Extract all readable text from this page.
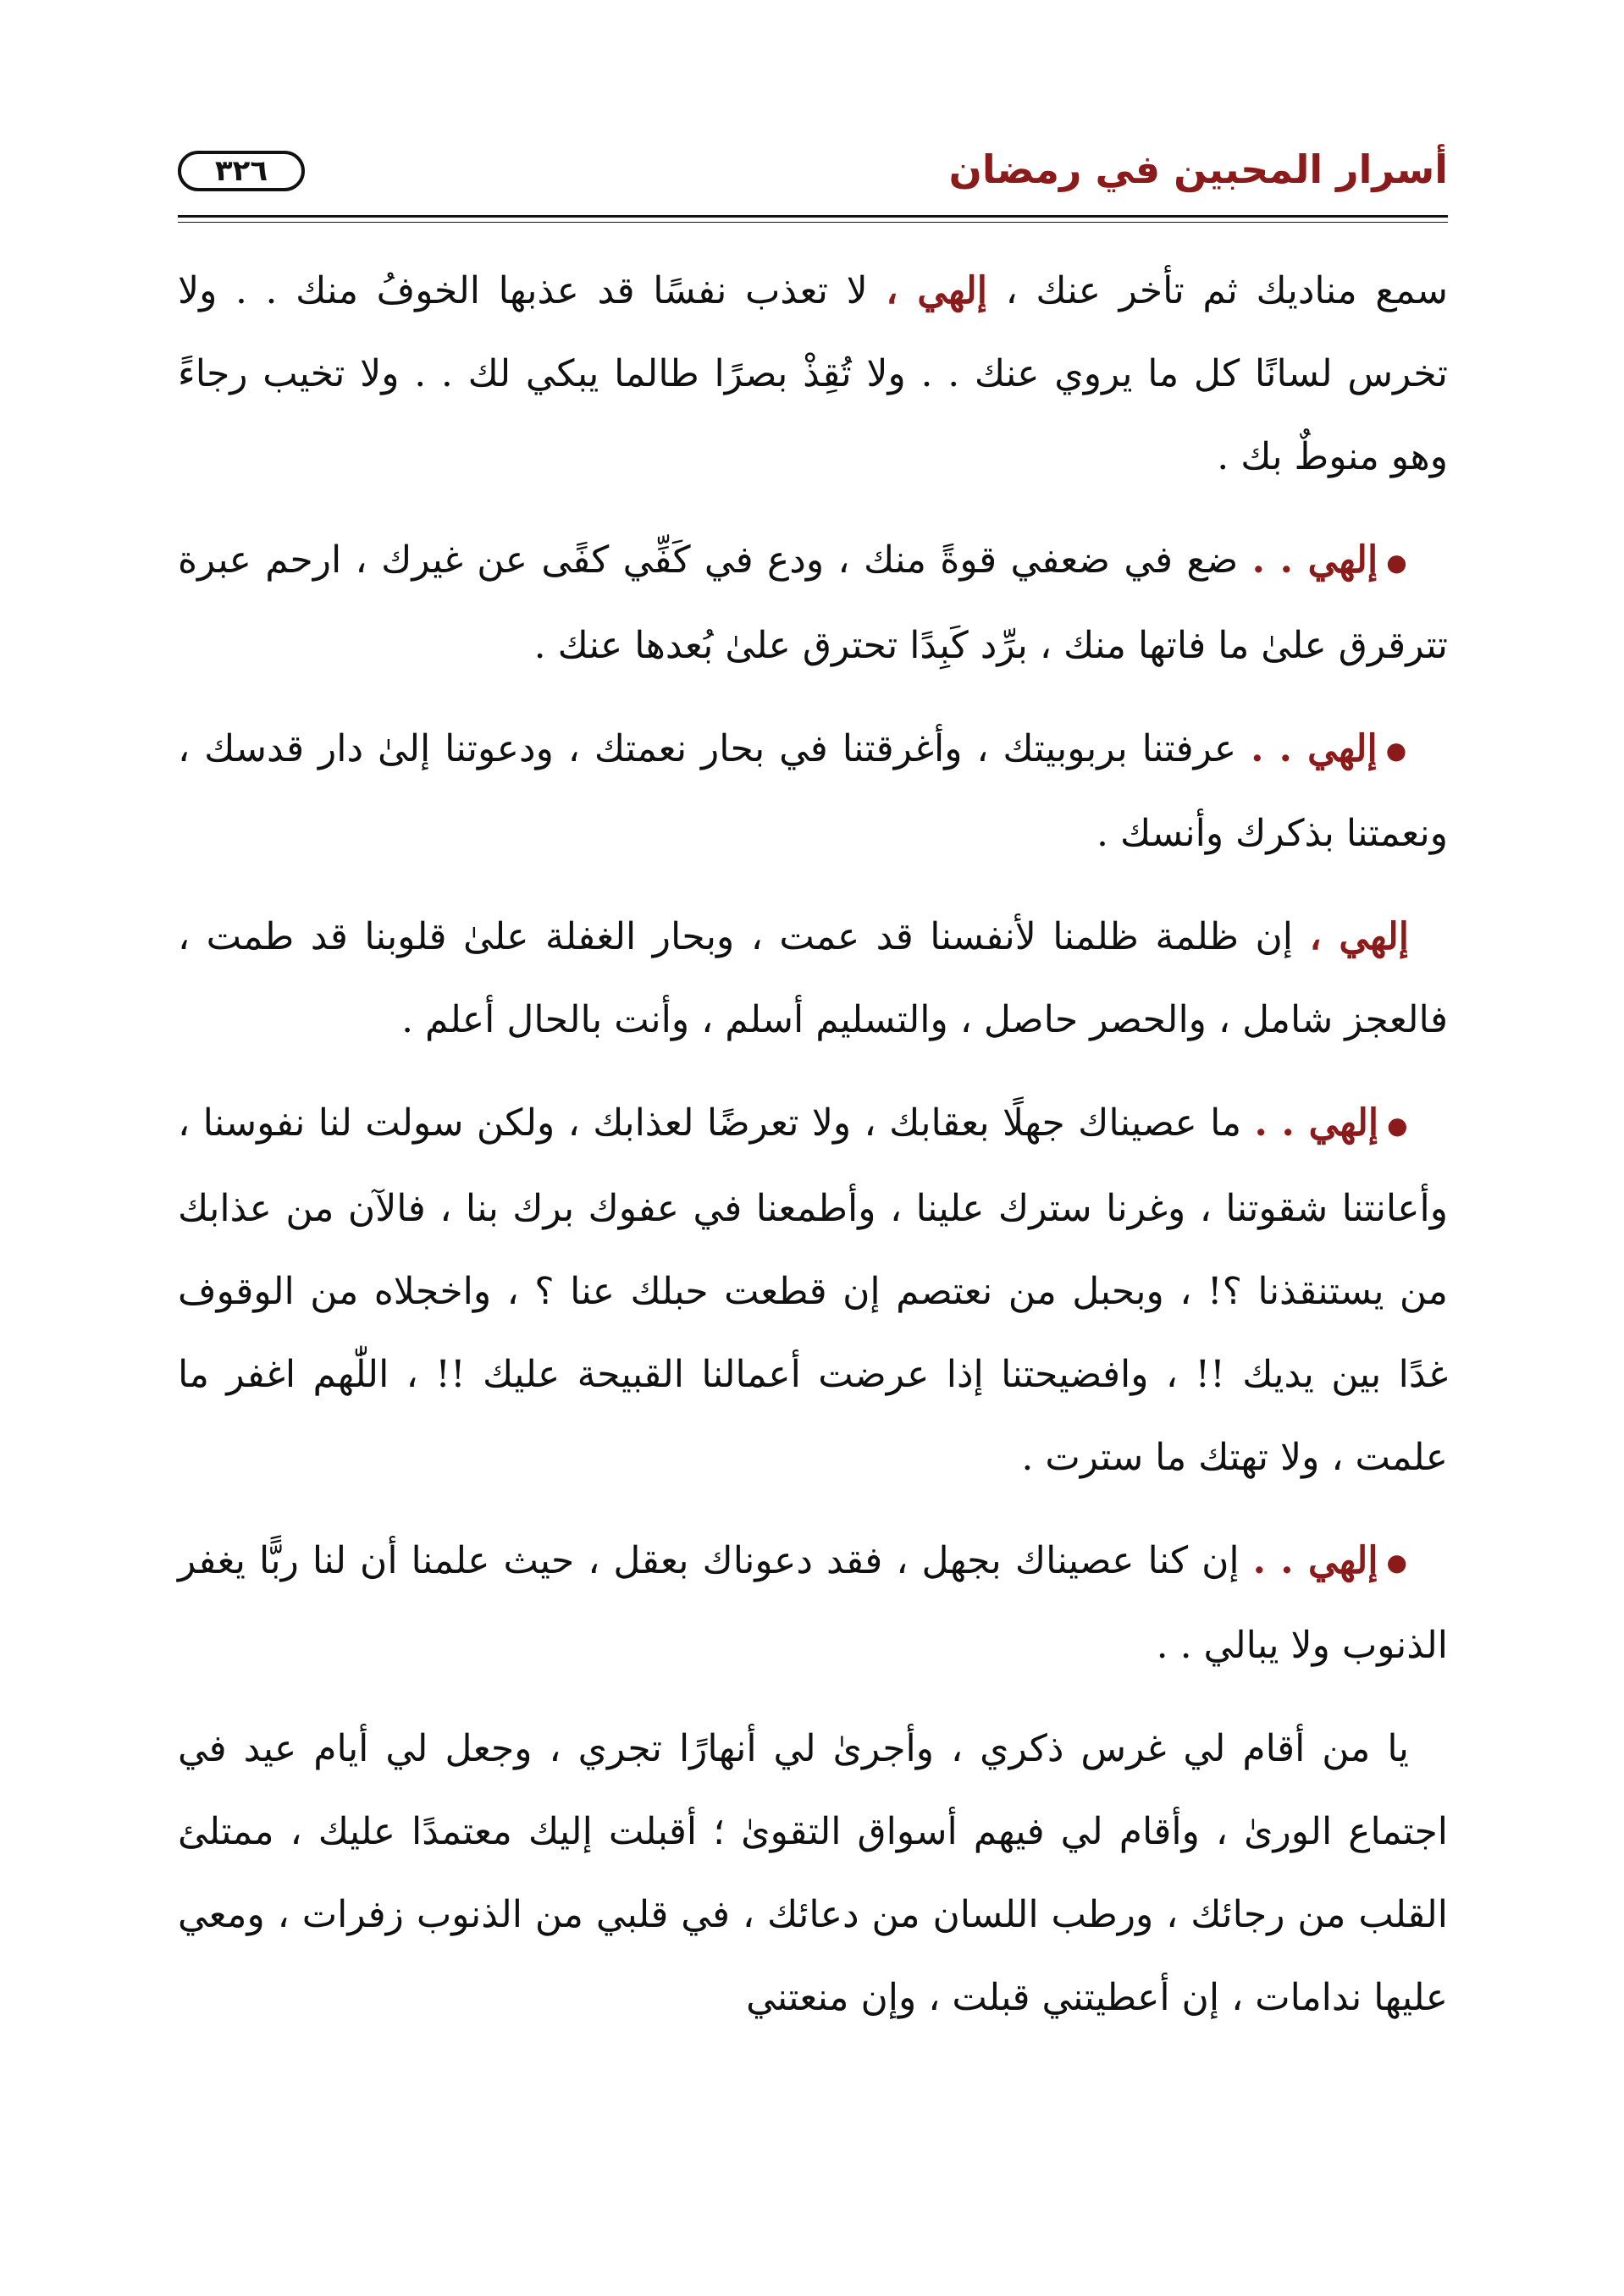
أسرار المحبين في رمضان
٣٢٦

سمع مناديك ثم تأخر عنك ، إلهي ، لا تعذب نفسًا قد عذبها الخوفُ منك . . ولا تخرس لسانًا كل ما يروي عنك . . ولا تُقِذْ بصرًا طالما يبكي لك . . ولا تخيب رجاءً وهو منوطٌ بك .

●إلهي . . ضع في ضعفي قوةً منك ، ودع في كَفِّي كفًى عن غيرك ، ارحم عبرة تترقرق علىٰ ما فاتها منك ، برِّد كَبِدًا تحترق علىٰ بُعدها عنك .

●إلهي . . عرفتنا بربوبيتك ، وأغرقتنا في بحار نعمتك ، ودعوتنا إلىٰ دار قدسك ، ونعمتنا بذكرك وأنسك .

إلهي ، إن ظلمة ظلمنا لأنفسنا قد عمت ، وبحار الغفلة علىٰ قلوبنا قد طمت ، فالعجز شامل ، والحصر حاصل ، والتسليم أسلم ، وأنت بالحال أعلم .

●إلهي . . ما عصيناك جهلًا بعقابك ، ولا تعرضًا لعذابك ، ولكن سولت لنا نفوسنا ، وأعانتنا شقوتنا ، وغرنا سترك علينا ، وأطمعنا في عفوك برك بنا ، فالآن من عذابك من يستنقذنا ؟! ، وبحبل من نعتصم إن قطعت حبلك عنا ؟ ، واخجلاه من الوقوف غدًا بين يديك !! ، وافضيحتنا إذا عرضت أعمالنا القبيحة عليك !! ، اللّٰهم اغفر ما علمت ، ولا تهتك ما سترت .

●إلهي . . إن كنا عصيناك بجهل ، فقد دعوناك بعقل ، حيث علمنا أن لنا ربًّا يغفر الذنوب ولا يبالي . .

يا من أقام لي غرس ذكري ، وأجرىٰ لي أنهارًا تجري ، وجعل لي أيام عيد في اجتماع الورىٰ ، وأقام لي فيهم أسواق التقوىٰ ؛ أقبلت إليك معتمدًا عليك ، ممتلئ القلب من رجائك ، ورطب اللسان من دعائك ، في قلبي من الذنوب زفرات ، ومعي عليها ندامات ، إن أعطيتني قبلت ، وإن منعتني
